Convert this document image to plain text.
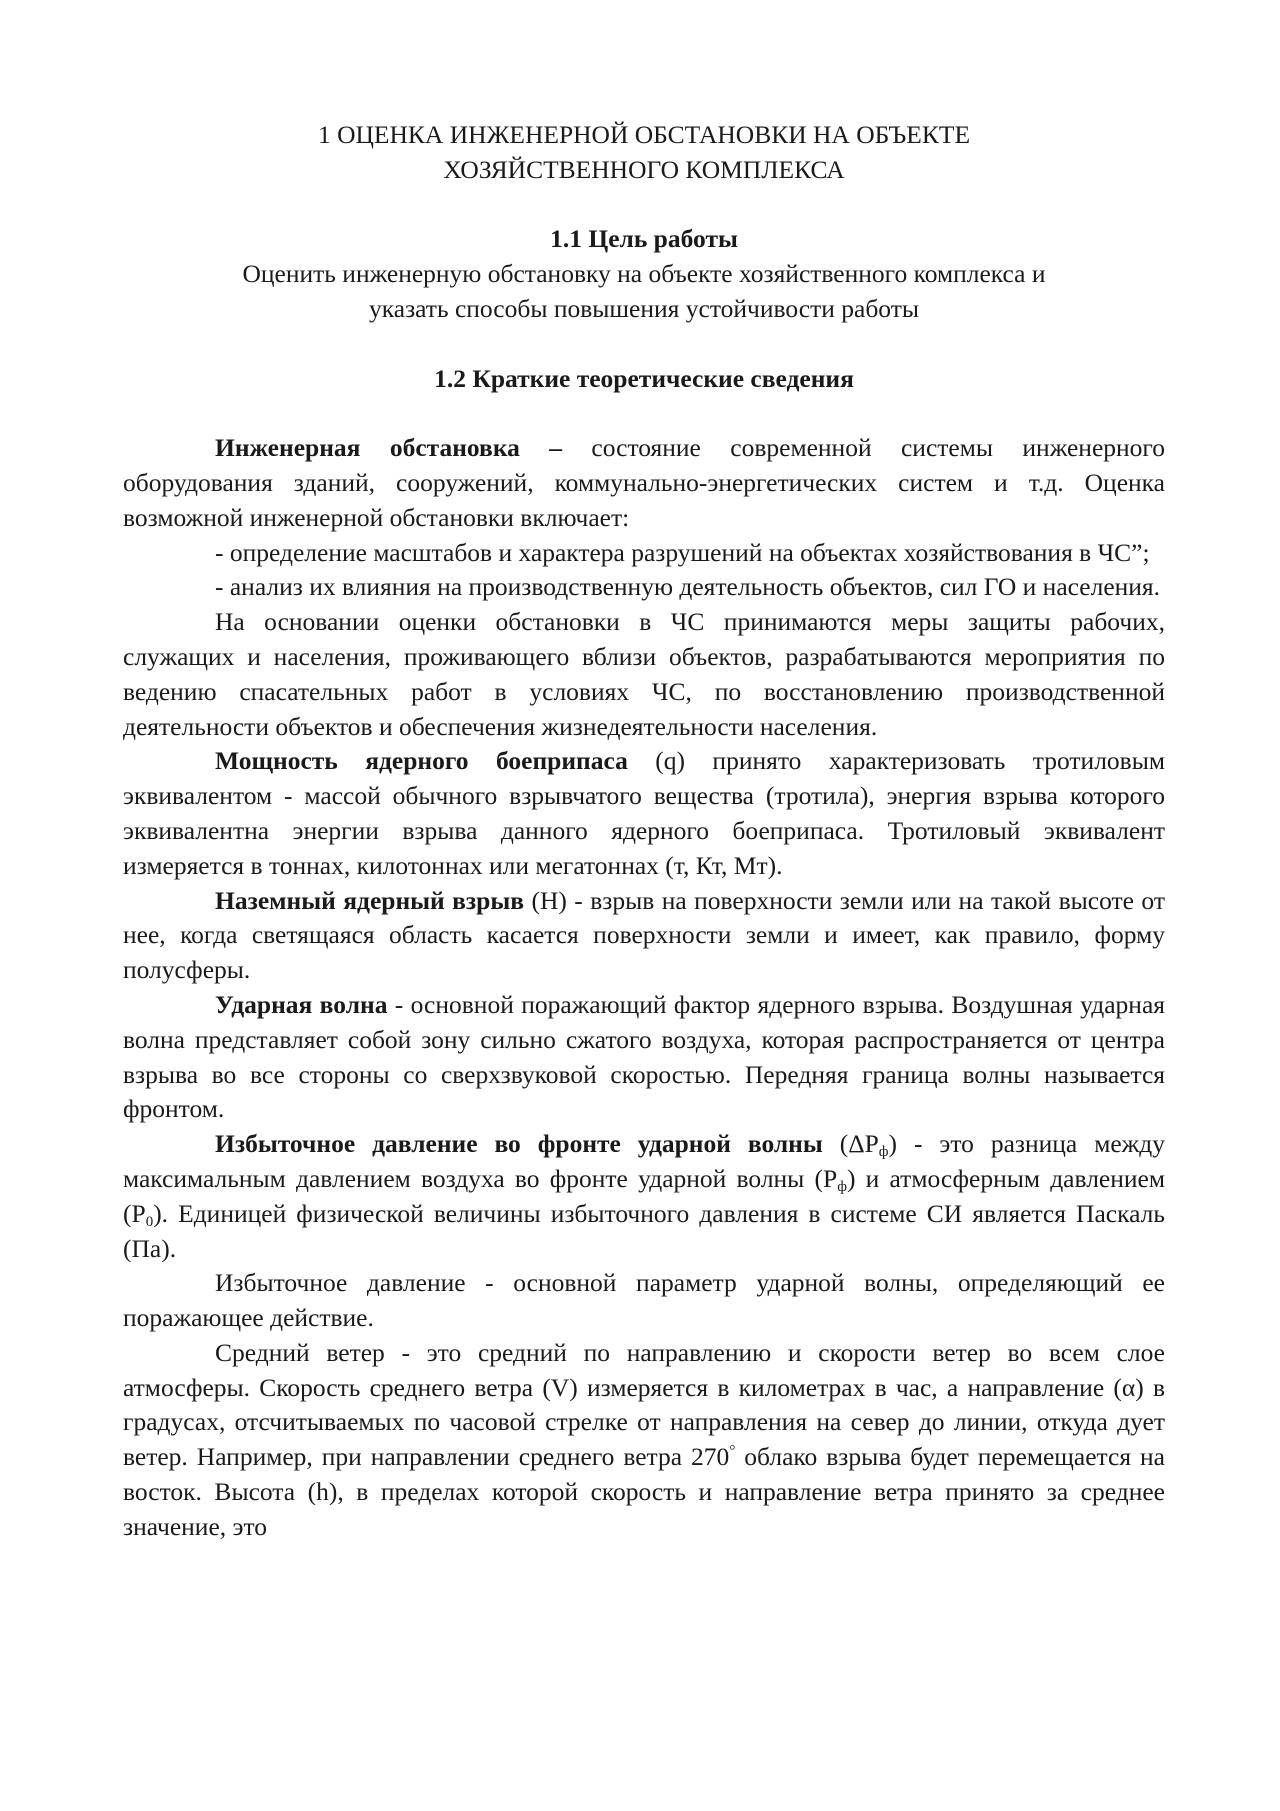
1 ОЦЕНКА ИНЖЕНЕРНОЙ ОБСТАНОВКИ НА ОБЪЕКТЕ
ХОЗЯЙСТВЕННОГО КОМПЛЕКСА
1.1 Цель работы
Оценить инженерную обстановку на объекте хозяйственного комплекса и
указать способы повышения устойчивости работы
1.2 Краткие теоретические сведения

Инженерная обстановка – состояние современной системы инженерного оборудования зданий, сооружений, коммунально-энергетических систем и т.д. Оценка возможной инженерной обстановки включает:

- определение масштабов и характера разрушений на объектах хозяйствования в ЧС”;

- анализ их влияния на производственную деятельность объектов, сил ГО и населения.

На основании оценки обстановки в ЧС принимаются меры защиты рабочих, служащих и населения, проживающего вблизи объектов, разрабатываются мероприятия по ведению спасательных работ в условиях ЧС, по восстановлению производственной деятельности объектов и обеспечения жизнедеятельности населения.

Мощность ядерного боеприпаса (q) принято характеризовать тротиловым эквивалентом - массой обычного взрывчатого вещества (тротила), энергия взрыва которого эквивалентна энергии взрыва данного ядерного боеприпаса. Тротиловый эквивалент измеряется в тоннах, килотоннах или мегатоннах (т, Кт, Мт).

Наземный ядерный взрыв (Н) - взрыв на поверхности земли или на такой высоте от нее, когда светящаяся область касается поверхности земли и имеет, как правило, форму полусферы.

Ударная волна - основной поражающий фактор ядерного взрыва. Воздушная ударная волна представляет собой зону сильно сжатого воздуха, которая распространяется от центра взрыва во все стороны со сверхзвуковой скоростью. Передняя граница волны называется фронтом.

Избыточное давление во фронте ударной волны $(\Delta Р_ф)$ - это разница между максимальным давлением воздуха во фронте ударной волны $(Р_ф)$ и атмосферным давлением $(Р_0)$. Единицей физической величины избыточного давления в системе СИ является Паскаль (Па).

Избыточное давление - основной параметр ударной волны, определяющий ее поражающее действие.

Средний ветер - это средний по направлению и скорости ветер во всем слое атмосферы. Скорость среднего ветра (V) измеряется в километрах в час, а направление (α) в градусах, отсчитываемых по часовой стрелке от направления на север до линии, откуда дует ветер. Например, при направлении среднего ветра 270° облако взрыва будет перемещается на восток. Высота (h), в пределах которой скорость и направление ветра принято за среднее значение, это
